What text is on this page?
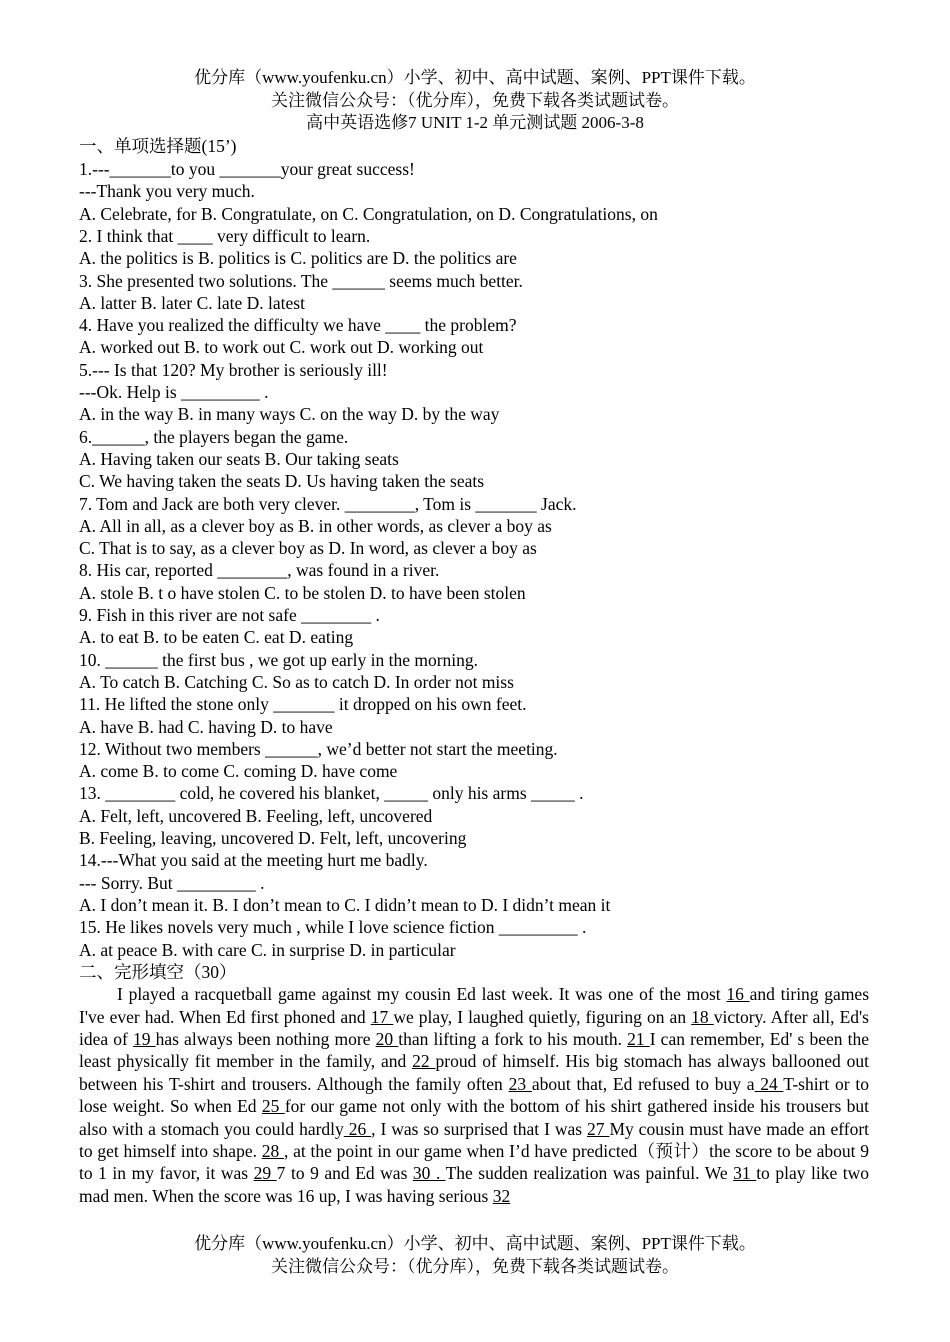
优分库（www.youfenku.cn）小学、初中、高中试题、案例、PPT课件下载。
关注微信公众号：（优分库），免费下载各类试题试卷。
高中英语选修7 UNIT 1-2 单元测试题 2006-3-8
一、单项选择题(15’)
1.---_______to you _______your great success!
---Thank you very much.
A. Celebrate, for B. Congratulate, on C. Congratulation, on D. Congratulations, on
2. I think that ____ very difficult to learn.
A. the politics is B. politics is C. politics are D. the politics are
3. She presented two solutions. The ______ seems much better.
A. latter B. later C. late D. latest
4. Have you realized the difficulty we have ____ the problem?
A. worked out B. to work out C. work out D. working out
5.--- Is that 120? My brother is seriously ill!
---Ok. Help is _________ .
A. in the way B. in many ways C. on the way D. by the way
6.______, the players began the game.
A. Having taken our seats B. Our taking seats
C. We having taken the seats D. Us having taken the seats
7. Tom and Jack are both very clever. ________, Tom is _______ Jack.
A. All in all, as a clever boy as B. in other words, as clever a boy as
C. That is to say, as a clever boy as D. In word, as clever a boy as
8. His car, reported ________, was found in a river.
A. stole B. t o have stolen C. to be stolen D. to have been stolen
9. Fish in this river are not safe ________ .
A. to eat B. to be eaten C. eat D. eating
10. ______ the first bus , we got up early in the morning.
A. To catch B. Catching C. So as to catch D. In order not miss
11. He lifted the stone only _______ it dropped on his own feet.
A. have B. had C. having D. to have
12. Without two members ______, we’d better not start the meeting.
A. come B. to come C. coming D. have come
13. ________ cold, he covered his blanket, _____ only his arms _____ .
A. Felt, left, uncovered B. Feeling, left, uncovered
B. Feeling, leaving, uncovered D. Felt, left, uncovering
14.---What you said at the meeting hurt me badly.
--- Sorry. But _________ .
A. I don’t mean it. B. I don’t mean to C. I didn’t mean to D. I didn’t mean it
15. He likes novels very much , while I love science fiction _________ .
A. at peace B. with care C. in surprise D. in particular
二、完形填空（30）
I played a racquetball game against my cousin Ed last week. It was one of the most 16 and tiring games I've ever had. When Ed first phoned and 17 we play, I laughed quietly, figuring on an 18 victory. After all, Ed's idea of 19 has always been nothing more 20 than lifting a fork to his mouth. 21 I can remember, Ed' s been the least physically fit member in the family, and 22 proud of himself. His big stomach has always ballooned out between his T-shirt and trousers. Although the family often 23 about that, Ed refused to buy a 24 T-shirt or to lose weight. So when Ed 25 for our game not only with the bottom of his shirt gathered inside his trousers but also with a stomach you could hardly 26 , I was so surprised that I was 27 My cousin must have made an effort to get himself into shape. 28 , at the point in our game when I’d have predicted（预计）the score to be about 9 to 1 in my favor, it was 29 7 to 9 and Ed was 30 . The sudden realization was painful. We 31 to play like two mad men. When the score was 16 up, I was having serious 32
优分库（www.youfenku.cn）小学、初中、高中试题、案例、PPT课件下载。
关注微信公众号：（优分库），免费下载各类试题试卷。
